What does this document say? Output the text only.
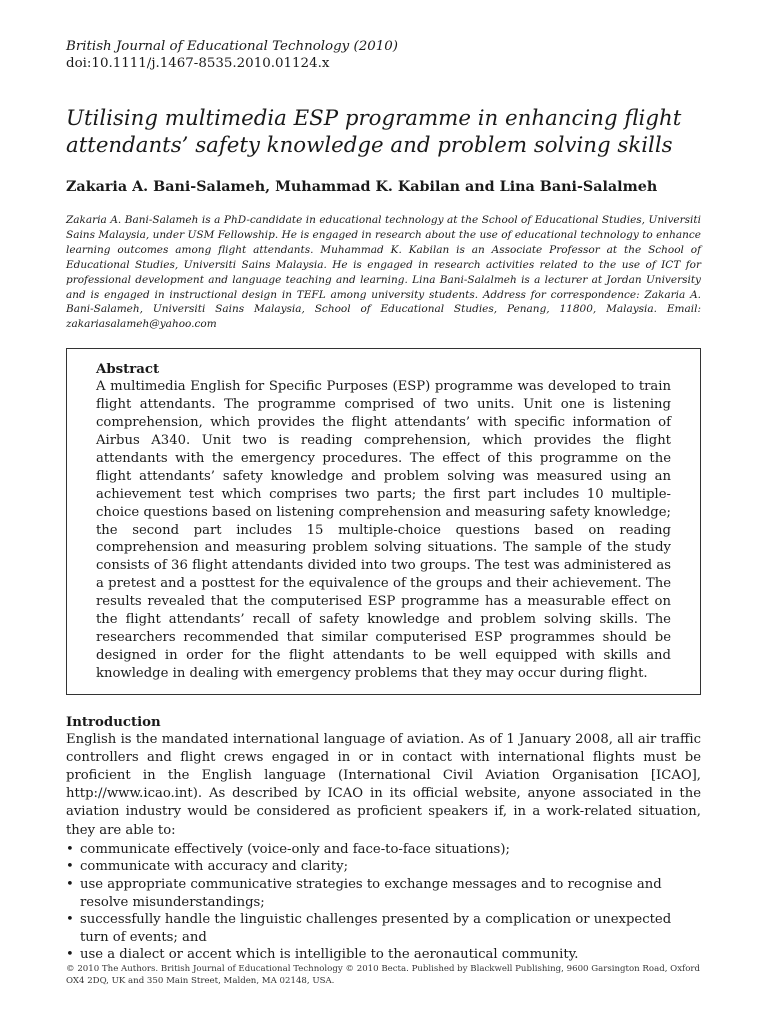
British Journal of Educational Technology (2010)
doi:10.1111/j.1467-8535.2010.01124.x
Utilising multimedia ESP programme in enhancing flight attendants’ safety knowledge and problem solving skills
Zakaria A. Bani-Salameh, Muhammad K. Kabilan and Lina Bani-Salalmeh
Zakaria A. Bani-Salameh is a PhD-candidate in educational technology at the School of Educational Studies, Universiti Sains Malaysia, under USM Fellowship. He is engaged in research about the use of educational technology to enhance learning outcomes among flight attendants. Muhammad K. Kabilan is an Associate Professor at the School of Educational Studies, Universiti Sains Malaysia. He is engaged in research activities related to the use of ICT for professional development and language teaching and learning. Lina Bani-Salalmeh is a lecturer at Jordan University and is engaged in instructional design in TEFL among university students. Address for correspondence: Zakaria A. Bani-Salameh, Universiti Sains Malaysia, School of Educational Studies, Penang, 11800, Malaysia. Email: zakariasalameh@yahoo.com
Abstract
A multimedia English for Specific Purposes (ESP) programme was developed to train flight attendants. The programme comprised of two units. Unit one is listening comprehension, which provides the flight attendants’ with specific information of Airbus A340. Unit two is reading comprehension, which provides the flight attendants with the emergency procedures. The effect of this programme on the flight attendants’ safety knowledge and problem solving was measured using an achievement test which comprises two parts; the first part includes 10 multiple-choice questions based on listening comprehension and measuring safety knowledge; the second part includes 15 multiple-choice questions based on reading comprehension and measuring problem solving situations. The sample of the study consists of 36 flight attendants divided into two groups. The test was administered as a pretest and a posttest for the equivalence of the groups and their achievement. The results revealed that the computerised ESP programme has a measurable effect on the flight attendants’ recall of safety knowledge and problem solving skills. The researchers recommended that similar computerised ESP programmes should be designed in order for the flight attendants to be well equipped with skills and knowledge in dealing with emergency problems that they may occur during flight.
Introduction
English is the mandated international language of aviation. As of 1 January 2008, all air traffic controllers and flight crews engaged in or in contact with international flights must be proficient in the English language (International Civil Aviation Organisation [ICAO], http://www.icao.int). As described by ICAO in its official website, anyone associated in the aviation industry would be considered as proficient speakers if, in a work-related situation, they are able to:
• communicate effectively (voice-only and face-to-face situations);
• communicate with accuracy and clarity;
• use appropriate communicative strategies to exchange messages and to recognise and resolve misunderstandings;
• successfully handle the linguistic challenges presented by a complication or unexpected turn of events; and
• use a dialect or accent which is intelligible to the aeronautical community.
© 2010 The Authors. British Journal of Educational Technology © 2010 Becta. Published by Blackwell Publishing, 9600 Garsington Road, Oxford OX4 2DQ, UK and 350 Main Street, Malden, MA 02148, USA.
